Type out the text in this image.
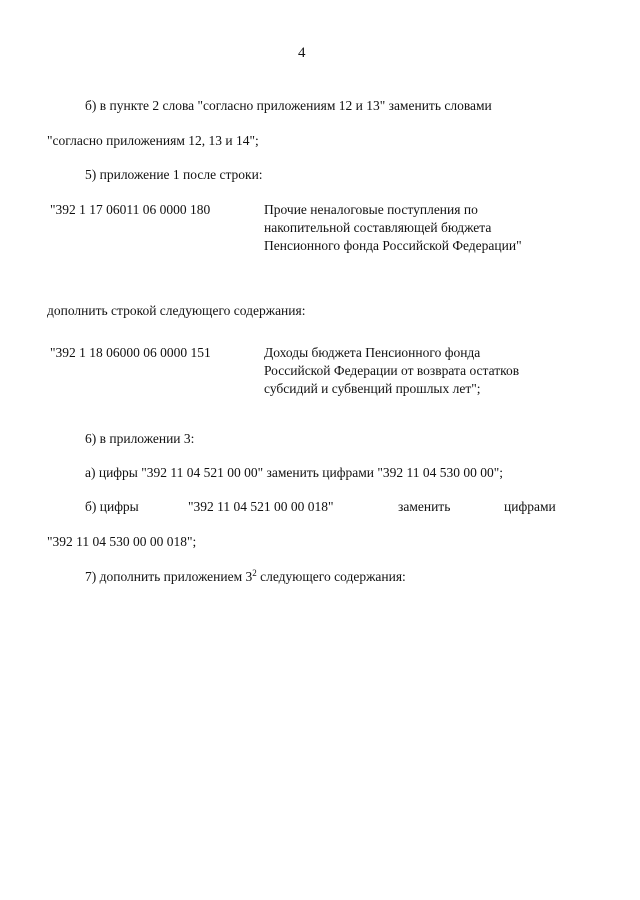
4
б) в пункте 2 слова "согласно приложениям 12 и 13" заменить словами
"согласно приложениям 12, 13 и 14";
5) приложение 1 после строки:
"392 1 17 06011 06 0000 180	Прочие неналоговые поступления по
накопительной составляющей бюджета
Пенсионного фонда Российской Федерации"
дополнить строкой следующего содержания:
"392 1 18 06000 06 0000 151	Доходы бюджета Пенсионного фонда
Российской Федерации от возврата остатков
субсидий и субвенций прошлых лет";
6) в приложении 3:
а) цифры "392 11 04 521 00 00" заменить цифрами "392 11 04 530 00 00";
б) цифры	"392 11 04 521 00 00 018"	заменить	цифрами
"392 11 04 530 00 00 018";
7) дополнить приложением $3^2$ следующего содержания:
